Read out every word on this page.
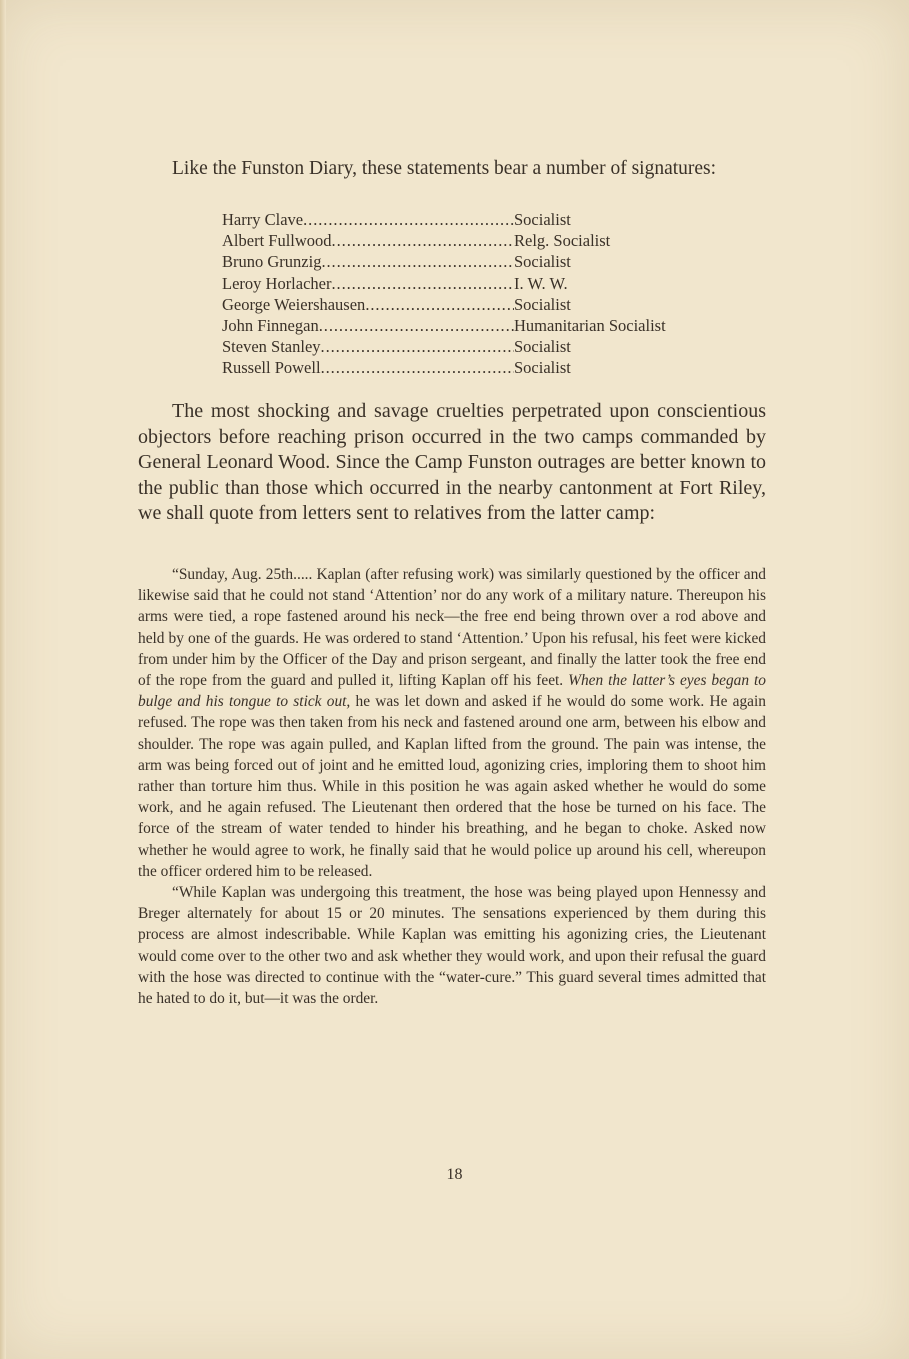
Like the Funston Diary, these statements bear a number of signatures:

Harry Clave . . .	Socialist
Albert Fullwood . . .	Relg. Socialist
Bruno Grunzig . . .	Socialist
Leroy Horlacher . . .	I. W. W.
George Weiershausen . . .	Socialist
John Finnegan . . .	Humanitarian Socialist
Steven Stanley . . .	Socialist
Russell Powell . . .	Socialist

The most shocking and savage cruelties perpetrated upon conscientious objectors before reaching prison occurred in the two camps commanded by General Leonard Wood. Since the Camp Funston outrages are better known to the public than those which occurred in the nearby cantonment at Fort Riley, we shall quote from letters sent to relatives from the latter camp:

“Sunday, Aug. 25th..... Kaplan (after refusing work) was similarly questioned by the officer and likewise said that he could not stand ‘Attention’ nor do any work of a military nature. Thereupon his arms were tied, a rope fastened around his neck—the free end being thrown over a rod above and held by one of the guards. He was ordered to stand ‘Attention.’ Upon his refusal, his feet were kicked from under him by the Officer of the Day and prison sergeant, and finally the latter took the free end of the rope from the guard and pulled it, lifting Kaplan off his feet. When the latter’s eyes began to bulge and his tongue to stick out, he was let down and asked if he would do some work. He again refused. The rope was then taken from his neck and fastened around one arm, between his elbow and shoulder. The rope was again pulled, and Kaplan lifted from the ground. The pain was intense, the arm was being forced out of joint and he emitted loud, agonizing cries, imploring them to shoot him rather than torture him thus. While in this position he was again asked whether he would do some work, and he again refused. The Lieutenant then ordered that the hose be turned on his face. The force of the stream of water tended to hinder his breathing, and he began to choke. Asked now whether he would agree to work, he finally said that he would police up around his cell, whereupon the officer ordered him to be released.

“While Kaplan was undergoing this treatment, the hose was being played upon Hennessy and Breger alternately for about 15 or 20 minutes. The sensations experienced by them during this process are almost indescribable. While Kaplan was emitting his agonizing cries, the Lieutenant would come over to the other two and ask whether they would work, and upon their refusal the guard with the hose was directed to continue with the “water-cure.” This guard several times admitted that he hated to do it, but—it was the order.

18
